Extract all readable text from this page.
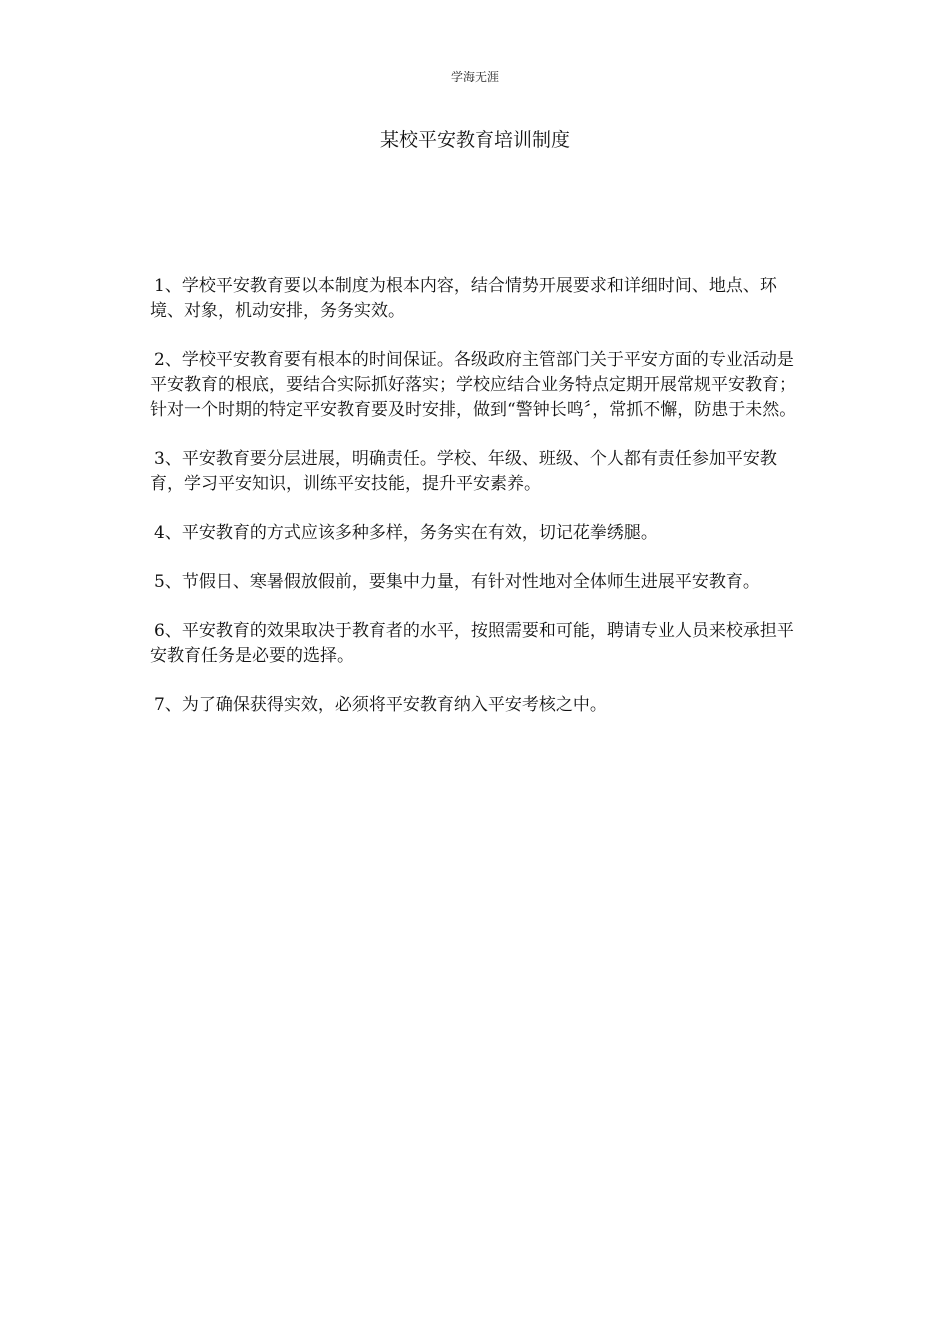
学海无涯
某校平安教育培训制度

1、学校平安教育要以本制度为根本内容，结合情势开展要求和详细时间、地点、环境、对象，机动安排，务务实效。

2、学校平安教育要有根本的时间保证。各级政府主管部门关于平安方面的专业活动是平安教育的根底，要结合实际抓好落实；学校应结合业务特点定期开展常规平安教育；针对一个时期的特定平安教育要及时安排，做到“警钟长鸣〞，常抓不懈，防患于未然。

3、平安教育要分层进展，明确责任。学校、年级、班级、个人都有责任参加平安教育，学习平安知识，训练平安技能，提升平安素养。

4、平安教育的方式应该多种多样，务务实在有效，切记花拳绣腿。

5、节假日、寒暑假放假前，要集中力量，有针对性地对全体师生进展平安教育。

6、平安教育的效果取决于教育者的水平，按照需要和可能，聘请专业人员来校承担平安教育任务是必要的选择。

7、为了确保获得实效，必须将平安教育纳入平安考核之中。
